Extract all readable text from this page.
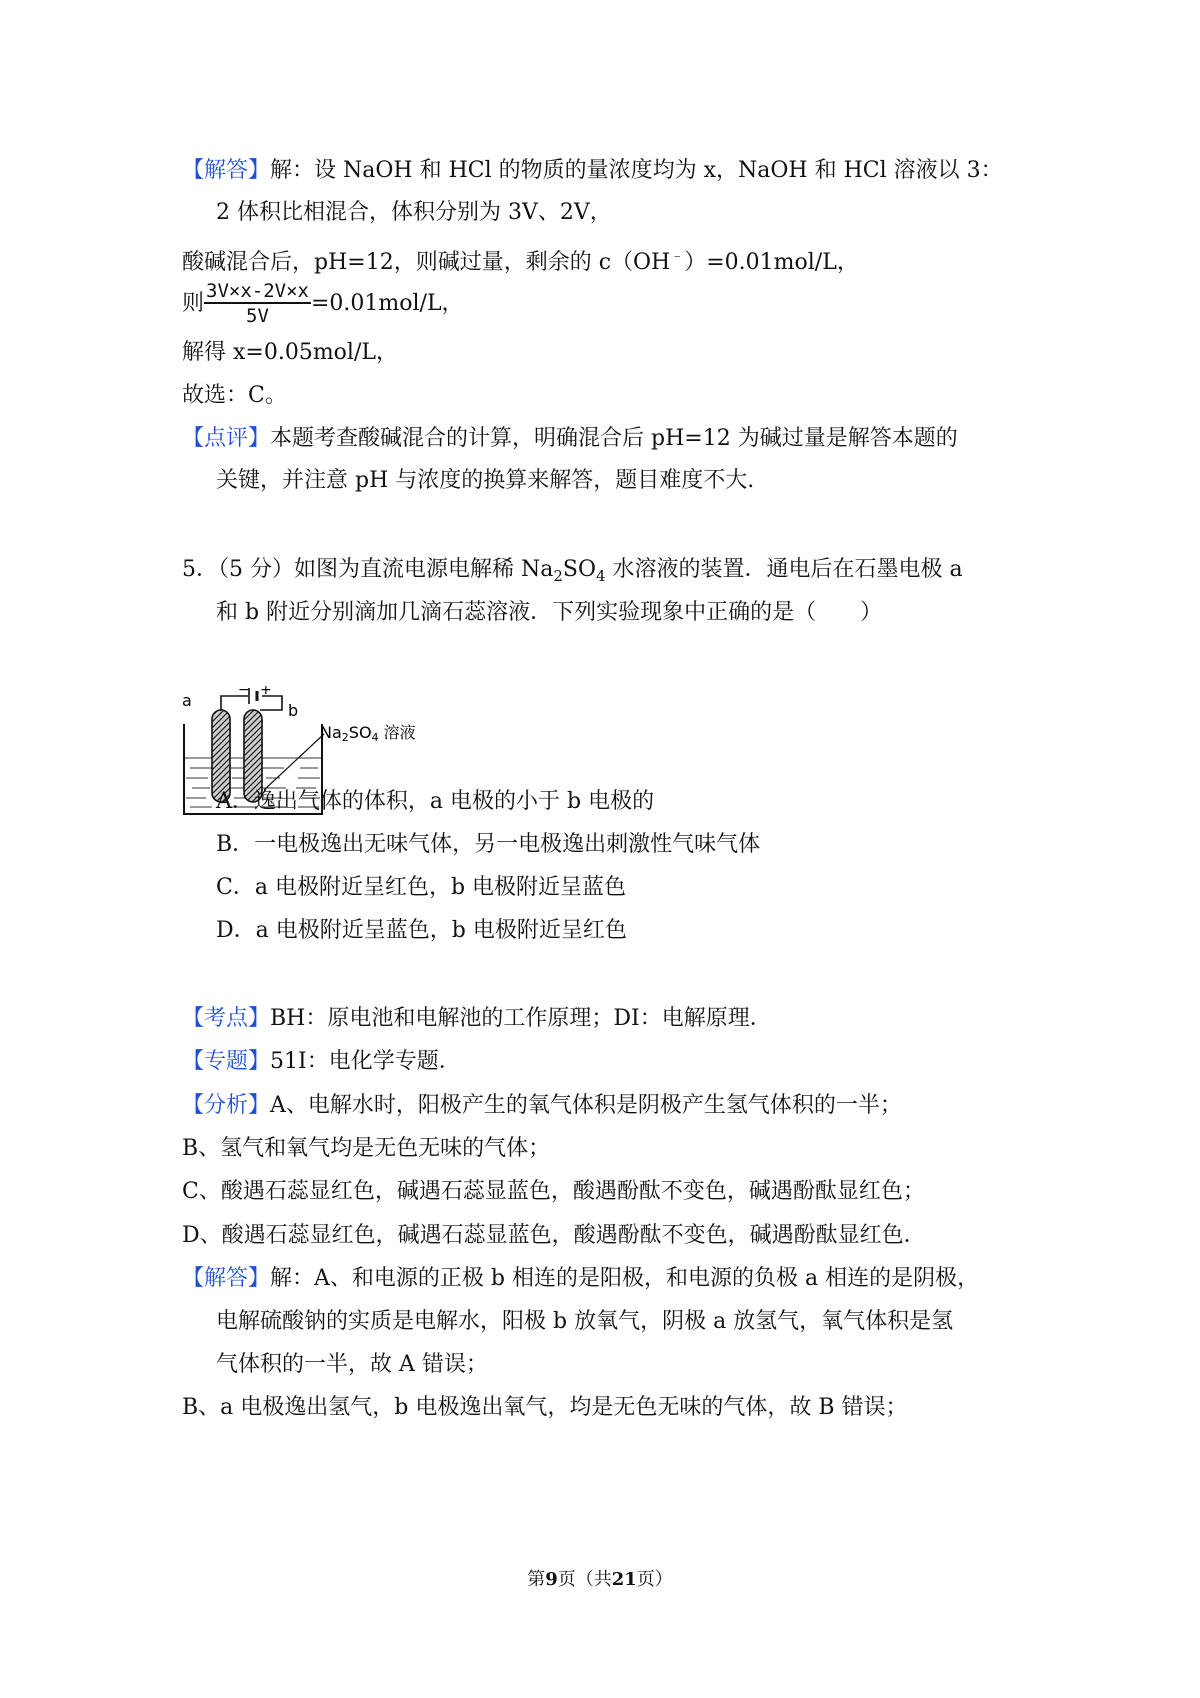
【解答】解：设 NaOH 和 HCl 的物质的量浓度均为 x，NaOH 和 HCl 溶液以 3：
2 体积比相混合，体积分别为 3V、2V，
酸碱混合后，pH=12，则碱过量，剩余的 c（OH﹣）=0.01mol/L，
则 $\frac{3V\times x-2V\times x}{5V} =0.01mol/L$，
解得 x=0.05mol/L，
故选：C。
【点评】本题考查酸碱混合的计算，明确混合后 pH=12 为碱过量是解答本题的
关键，并注意 pH 与浓度的换算来解答，题目难度不大.
5．（5 分）如图为直流电源电解稀 $Na_2SO_4$ 水溶液的装置．通电后在石墨电极 a
和 b 附近分别滴加几滴石蕊溶液．下列实验现象中正确的是（　　）
− +
a
b
Na2SO4 溶液
A．逸出气体的体积，a 电极的小于 b 电极的
B．一电极逸出无味气体，另一电极逸出刺激性气味气体
C．a 电极附近呈红色，b 电极附近呈蓝色
D．a 电极附近呈蓝色，b 电极附近呈红色
【考点】BH：原电池和电解池的工作原理；DI：电解原理．
【专题】51I：电化学专题．
【分析】A、电解水时，阳极产生的氧气体积是阴极产生氢气体积的一半；
B、氢气和氧气均是无色无味的气体；
C、酸遇石蕊显红色，碱遇石蕊显蓝色，酸遇酚酞不变色，碱遇酚酞显红色；
D、酸遇石蕊显红色，碱遇石蕊显蓝色，酸遇酚酞不变色，碱遇酚酞显红色．
【解答】解：A、和电源的正极 b 相连的是阳极，和电源的负极 a 相连的是阴极，
电解硫酸钠的实质是电解水，阳极 b 放氧气，阴极 a 放氢气，氧气体积是氢
气体积的一半，故 A 错误；
B、a 电极逸出氢气，b 电极逸出氧气，均是无色无味的气体，故 B 错误；
第9页（共21页）
